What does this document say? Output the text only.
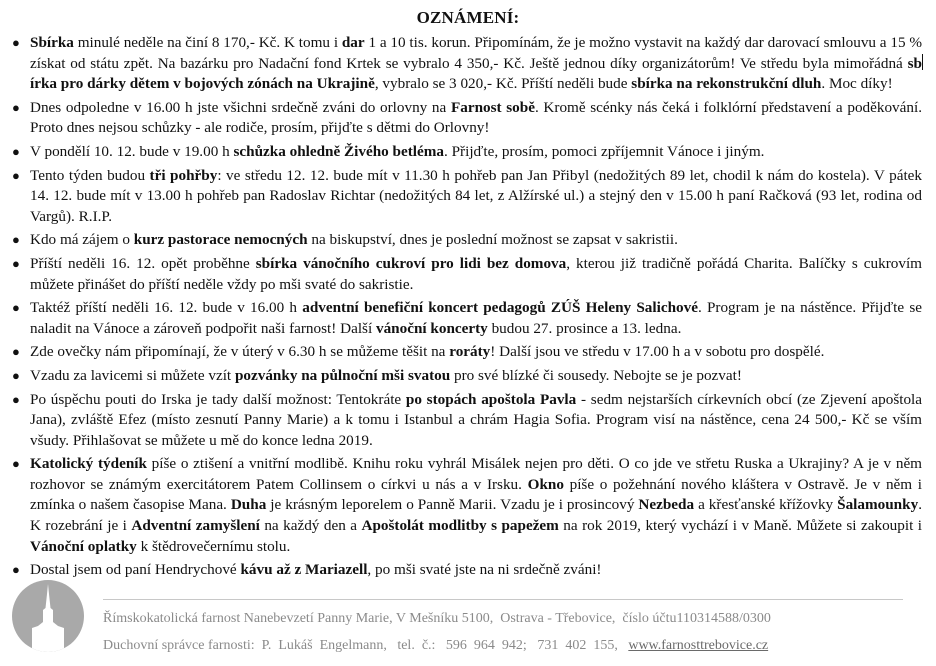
OZNÁMENÍ:
● Sbírka minulé neděle na činí 8 170,- Kč. K tomu i dar 1 a 10 tis. korun. Připomínám, že je možno vystavit na každý dar darovací smlouvu a 15 % získat od státu zpět. Na bazárku pro Nadační fond Krtek se vybralo 4 350,- Kč. Ještě jednou díky organizátorům! Ve středu byla mimořádná sbírka pro dárky dětem v bojových zónách na Ukrajině, vybralo se 3 020,- Kč. Příští neděli bude sbírka na rekonstrukční dluh. Moc díky!
● Dnes odpoledne v 16.00 h jste všichni srdečně zváni do orlovny na Farnost sobě. Kromě scénky nás čeká i folklórní představení a poděkování. Proto dnes nejsou schůzky - ale rodiče, prosím, přijďte s dětmi do Orlovny!
● V pondělí 10. 12. bude v 19.00 h schůzka ohledně Živého betléma. Přijďte, prosím, pomoci zpříjemnit Vánoce i jiným.
● Tento týden budou tři pohřby: ve středu 12. 12. bude mít v 11.30 h pohřeb pan Jan Přibyl (nedožitých 89 let, chodil k nám do kostela). V pátek 14. 12. bude mít v 13.00 h pohřeb pan Radoslav Richtar (nedožitých 84 let, z Alžírské ul.) a stejný den v 15.00 h paní Račková (93 let, rodina od Vargů). R.I.P.
● Kdo má zájem o kurz pastorace nemocných na biskupství, dnes je poslední možnost se zapsat v sakristii.
● Příští neděli 16. 12. opět proběhne sbírka vánočního cukroví pro lidi bez domova, kterou již tradičně pořádá Charita. Balíčky s cukrovím můžete přinášet do příští neděle vždy po mši svaté do sakristie.
● Taktéž příští neděli 16. 12. bude v 16.00 h adventní benefiční koncert pedagogů ZÚŠ Heleny Salichové. Program je na nástěnce. Přijďte se naladit na Vánoce a zároveň podpořit naši farnost! Další vánoční koncerty budou 27. prosince a 13. ledna.
● Zde ovečky nám připomínají, že v úterý v 6.30 h se můžeme těšit na roráty! Další jsou ve středu v 17.00 h a v sobotu pro dospělé.
● Vzadu za lavicemi si můžete vzít pozvánky na půlnoční mši svatou pro své blízké či sousedy. Nebojte se je pozvat!
● Po úspěchu pouti do Irska je tady další možnost: Tentokráte po stopách apoštola Pavla - sedm nejstarších církevních obcí (ze Zjevení apoštola Jana), zvláště Efez (místo zesnutí Panny Marie) a k tomu i Istanbul a chrám Hagia Sofia. Program visí na nástěnce, cena 24 500,- Kč se vším všudy. Přihlašovat se můžete u mě do konce ledna 2019.
● Katolický týdeník píše o ztišení a vnitřní modlibě. Knihu roku vyhrál Misálek nejen pro děti. O co jde ve střetu Ruska a Ukrajiny? A je v něm rozhovor se známým exercitátorem Patem Collinsem o církvi u nás a v Irsku. Okno píše o požehnání nového kláštera v Ostravě. Je v něm i zmínka o našem časopise Mana. Duha je krásným leporelem o Panně Marii. Vzadu je i prosincový Nezbeda a křesťanské křížovky Šalamounky. K rozebrání je i Adventní zamyšlení na každý den a Apoštolát modlitby s papežem na rok 2019, který vychází i v Maně. Můžete si zakoupit i Vánoční oplatky k štědrovečernímu stolu.
● Dostal jsem od paní Hendrychové kávu až z Mariazell, po mši svaté jste na ni srdečně zváni!
Římskokatolická farnost Nanebevzetí Panny Marie, V Mešníku 5100,  Ostrava - Třebovice,  číslo účtu110314588/0300
Duchovní správce farnosti:  P.  Lukáš  Engelmann,   tel.  č.:   596  964  942;   731  402  155,   www.farnosttrebovice.cz
